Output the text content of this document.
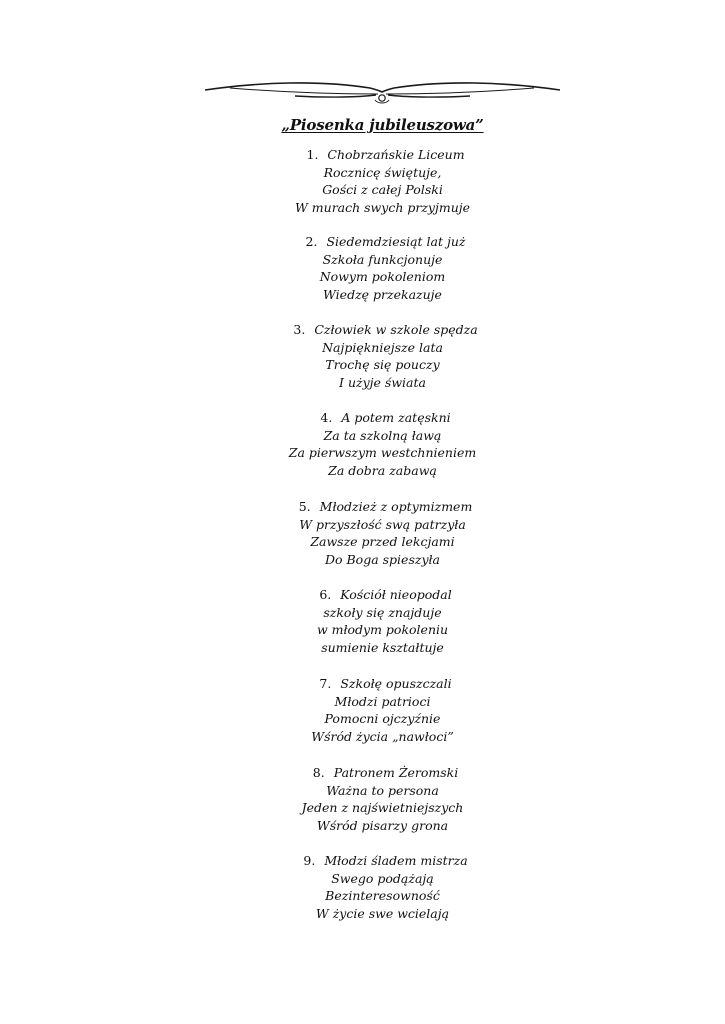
„Piosenka jubileuszowa”
1. Chobrzańskie Liceum
Rocznicę świętuje,
Gości z całej Polski
W murach swych przyjmuje
2. Siedemdziesiąt lat już
Szkoła funkcjonuje
Nowym pokoleniom
Wiedzę przekazuje
3. Człowiek w szkole spędza
Najpiękniejsze lata
Trochę się pouczy
I użyje świata
4. A potem zatęskni
Za ta szkolną ławą
Za pierwszym westchnieniem
Za dobra zabawą
5. Młodzież z optymizmem
W przyszłość swą patrzyła
Zawsze przed lekcjami
Do Boga spieszyła
6. Kościół nieopodal
szkoły się znajduje
w młodym pokoleniu
sumienie kształtuje
7. Szkołę opuszczali
Młodzi patrioci
Pomocni ojczyźnie
Wśród życia „nawłoci”
8. Patronem Żeromski
Ważna to persona
Jeden z najświetniejszych
Wśród pisarzy grona
9. Młodzi śladem mistrza
Swego podążają
Bezinteresowność
W życie swe wcielają
